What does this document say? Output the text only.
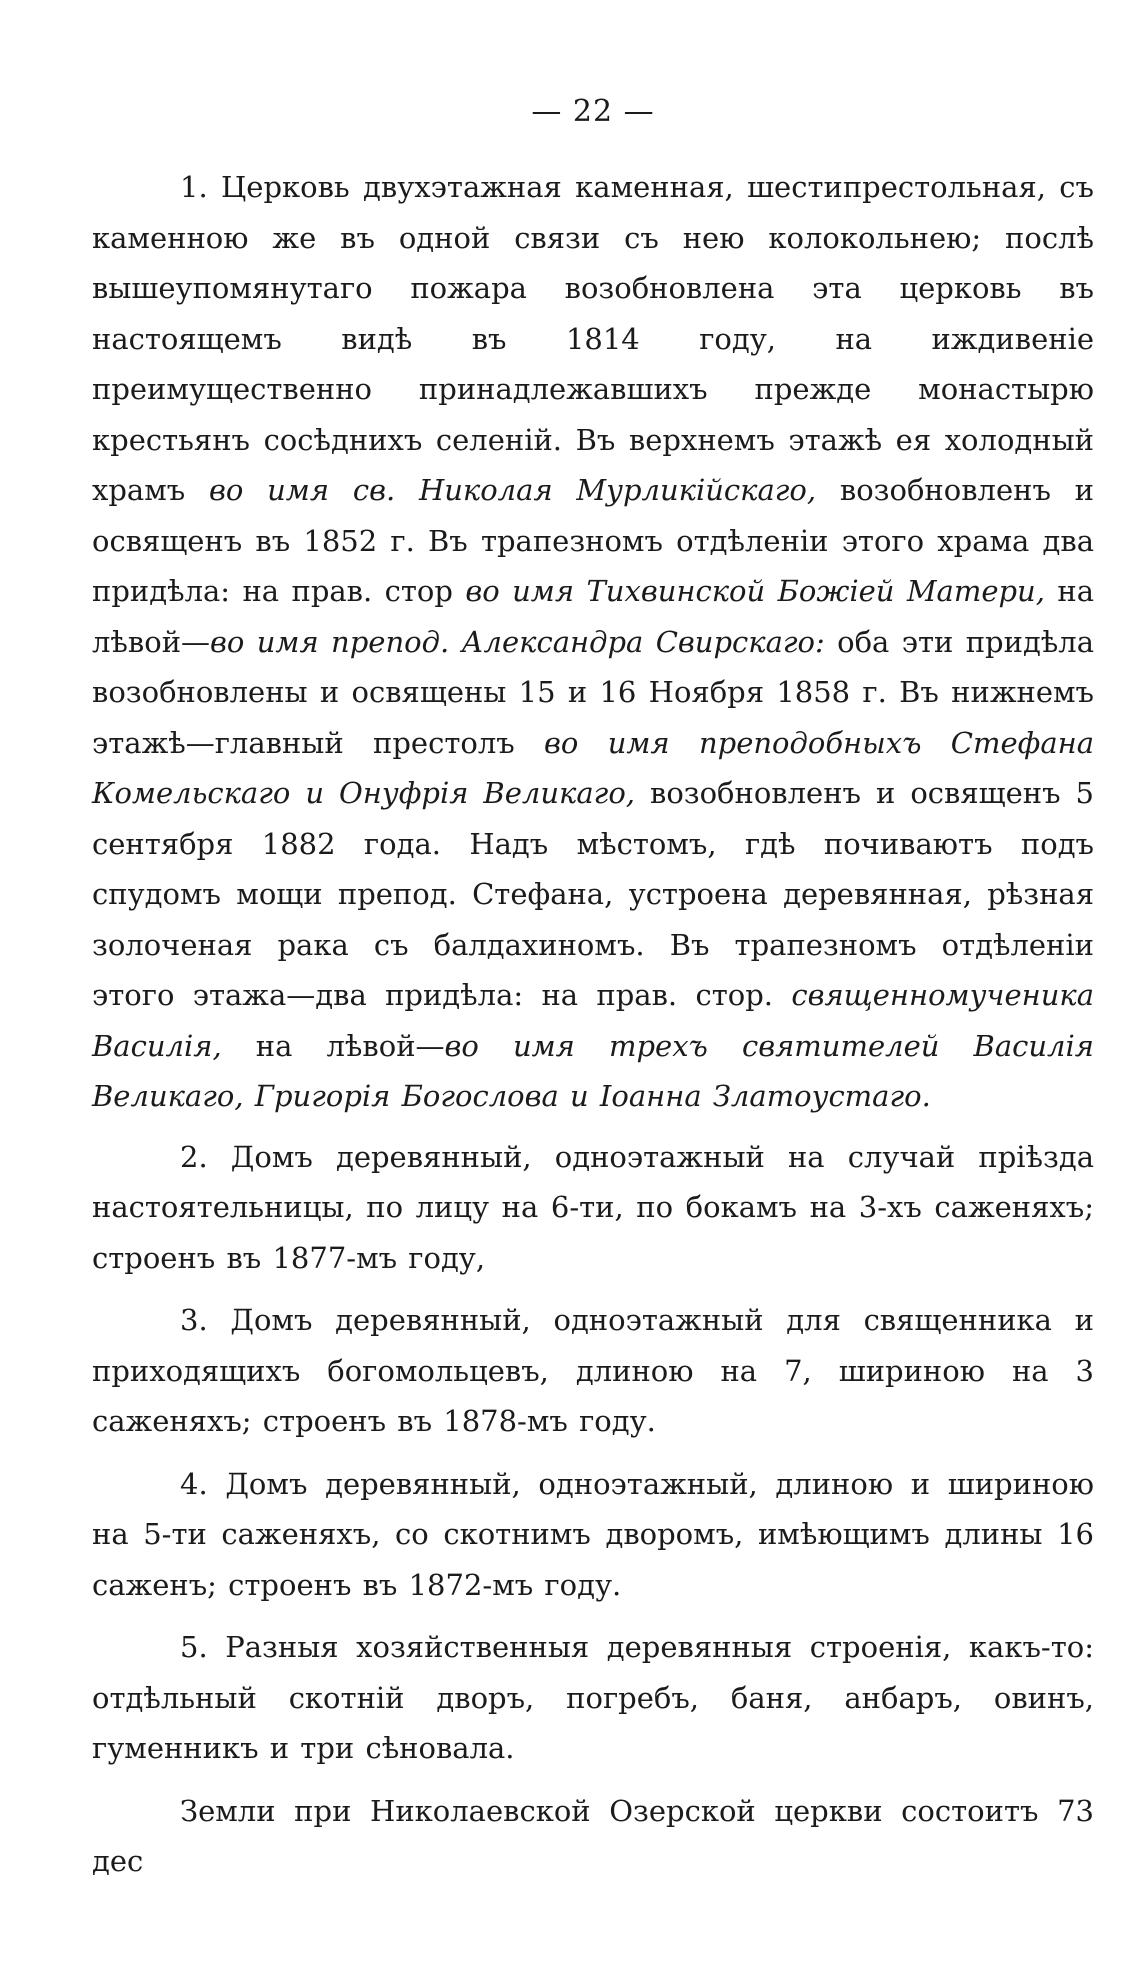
— 22 —
1. Церковь двухэтажная каменная, шестипрестольная, съ каменною же въ одной связи съ нею колокольнею; послѣ вышеупомянутаго пожара возобновлена эта церковь въ настоящемъ видѣ въ 1814 году, на иждивеніе преимущественно принадлежавшихъ прежде монастырю крестьянъ сосѣднихъ селеній. Въ верхнемъ этажѣ ея холодный храмъ во имя св. Николая Мурликійскаго, возобновленъ и освященъ въ 1852 г. Въ трапезномъ отдѣленіи этого храма два придѣла: на прав. стор во имя Тихвинской Божіей Матери, на лѣвой—во имя препод. Александра Свирскаго: оба эти придѣла возобновлены и освящены 15 и 16 Ноября 1858 г. Въ нижнемъ этажѣ—главный престолъ во имя преподобныхъ Стефана Комельскаго и Онуфрія Великаго, возобновленъ и освященъ 5 сентября 1882 года. Надъ мѣстомъ, гдѣ почиваютъ подъ спудомъ мощи препод. Стефана, устроена деревянная, рѣзная золоченая рака съ балдахиномъ. Въ трапезномъ отдѣленіи этого этажа—два придѣла: на прав. стор. священномученика Василія, на лѣвой—во имя трехъ святителей Василія Великаго, Григорія Богослова и Іоанна Златоустаго.
2. Домъ деревянный, одноэтажный на случай пріѣзда настоятельницы, по лицу на 6-ти, по бокамъ на 3-хъ саженяхъ; строенъ въ 1877-мъ году,
3. Домъ деревянный, одноэтажный для священника и приходящихъ богомольцевъ, длиною на 7, шириною на 3 саженяхъ; строенъ въ 1878-мъ году.
4. Домъ деревянный, одноэтажный, длиною и шириною на 5-ти саженяхъ, со скотнимъ дворомъ, имѣющимъ длины 16 саженъ; строенъ въ 1872-мъ году.
5. Разныя хозяйственныя деревянныя строенія, какъ-то: отдѣльный скотній дворъ, погребъ, баня, анбаръ, овинъ, гуменникъ и три сѣновала.
Земли при Николаевской Озерской церкви состоитъ 73 дес
